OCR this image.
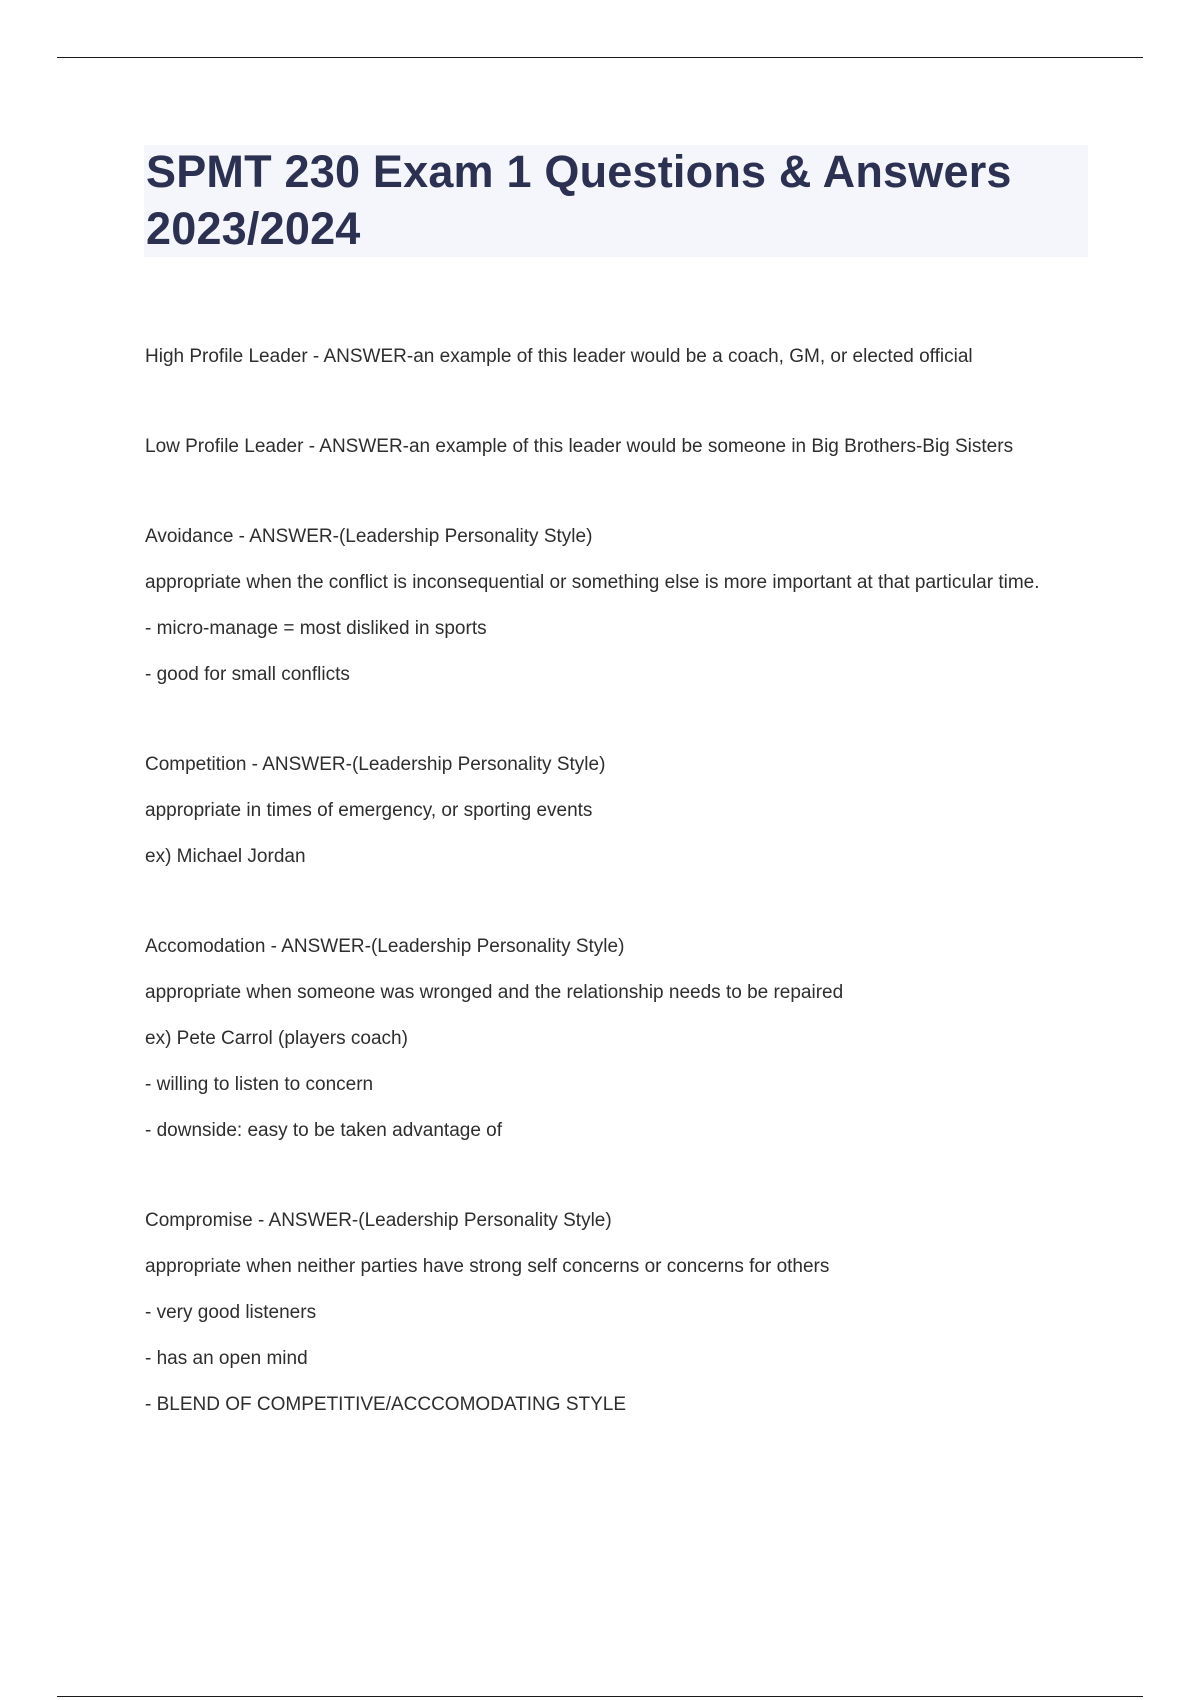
SPMT 230 Exam 1 Questions & Answers 2023/2024

High Profile Leader - ANSWER-an example of this leader would be a coach, GM, or elected official

Low Profile Leader - ANSWER-an example of this leader would be someone in Big Brothers-Big Sisters

Avoidance - ANSWER-(Leadership Personality Style)

appropriate when the conflict is inconsequential or something else is more important at that particular time.

- micro-manage = most disliked in sports

- good for small conflicts

Competition - ANSWER-(Leadership Personality Style)

appropriate in times of emergency, or sporting events

ex) Michael Jordan

Accomodation - ANSWER-(Leadership Personality Style)

appropriate when someone was wronged and the relationship needs to be repaired

ex) Pete Carrol (players coach)

- willing to listen to concern

- downside: easy to be taken advantage of

Compromise - ANSWER-(Leadership Personality Style)

appropriate when neither parties have strong self concerns or concerns for others

- very good listeners

- has an open mind

- BLEND OF COMPETITIVE/ACCCOMODATING STYLE
